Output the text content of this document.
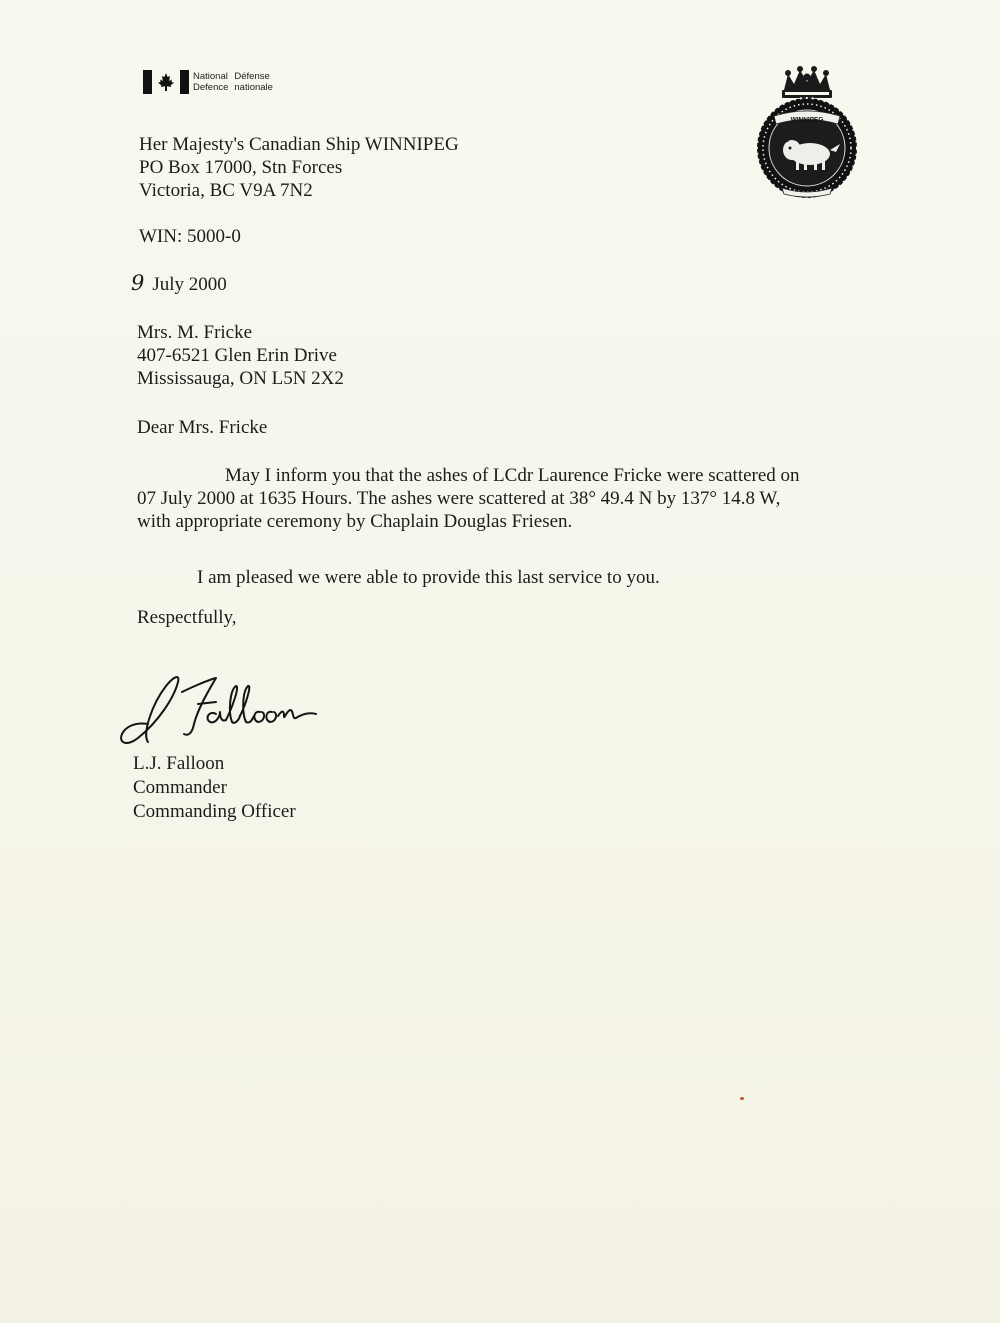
National Défense
Defence nationale
WINNIPEG
Her Majesty's Canadian Ship WINNIPEG
PO Box 17000, Stn Forces
Victoria, BC V9A 7N2
WIN: 5000-0
9 July 2000
Mrs. M. Fricke
407-6521 Glen Erin Drive
Mississauga, ON L5N 2X2
Dear Mrs. Fricke
May I inform you that the ashes of LCdr Laurence Fricke were scattered on
07 July 2000 at 1635 Hours. The ashes were scattered at 38° 49.4 N by 137° 14.8 W,
with appropriate ceremony by Chaplain Douglas Friesen.
I am pleased we were able to provide this last service to you.
Respectfully,
L.J. Falloon
Commander
Commanding Officer
